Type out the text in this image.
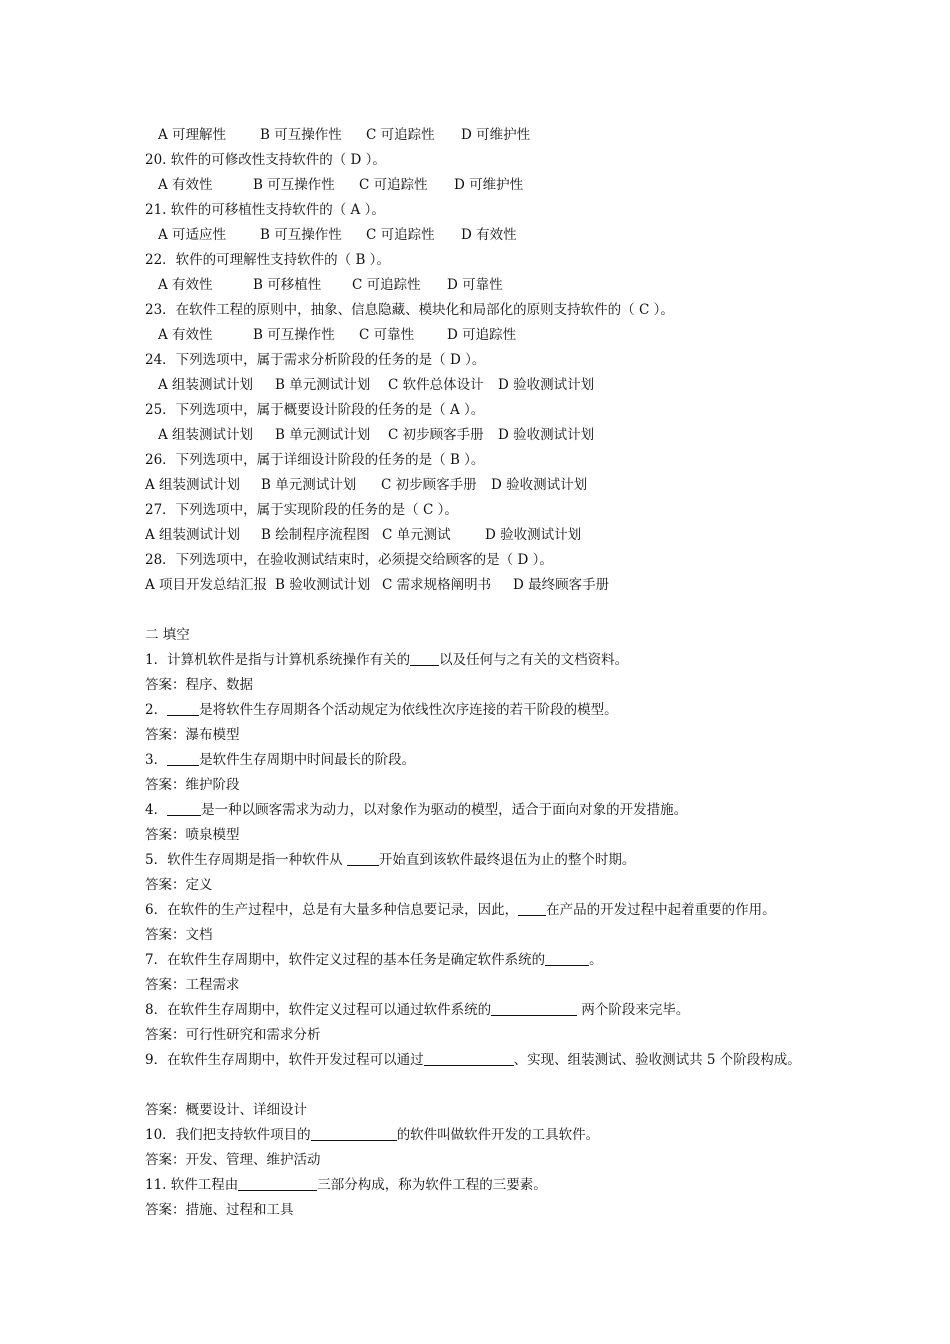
A 可理解性	B 可互操作性 C 可追踪性 D 可维护性
20. 软件的可修改性支持软件的（ D ）。
A 有效性	B 可互操作性 C 可追踪性 D 可维护性
21. 软件的可移植性支持软件的（ A ）。
A 可适应性	B 可互操作性 C 可追踪性 D 有效性
22．软件的可理解性支持软件的（ B ）。
A 有效性	B 可移植性 C 可追踪性 D 可靠性
23．在软件工程的原则中，抽象、信息隐藏、模块化和局部化的原则支持软件的（ C ）。
A 有效性	B 可互操作性 C 可靠性 D 可追踪性
24．下列选项中，属于需求分析阶段的任务的是（ D ）。
A 组装测试计划 B 单元测试计划 C 软件总体设计 D 验收测试计划
25．下列选项中，属于概要设计阶段的任务的是（ A ）。
A 组装测试计划 B 单元测试计划 C 初步顾客手册 D 验收测试计划
26．下列选项中，属于详细设计阶段的任务的是（ B ）。
A 组装测试计划 B 单元测试计划 C 初步顾客手册 D 验收测试计划
27．下列选项中，属于实现阶段的任务的是（ C ）。
A 组装测试计划 B 绘制程序流程图 C 单元测试	D 验收测试计划
28．下列选项中，在验收测试结束时，必须提交给顾客的是（ D ）。
A 项目开发总结汇报 B 验收测试计划 C 需求规格阐明书 D 最终顾客手册
二 填空
1．计算机软件是指与计算机系统操作有关的 以及任何与之有关的文档资料。
答案：程序、数据
2． 是将软件生存周期各个活动规定为依线性次序连接的若干阶段的模型。
答案：瀑布模型
3． 是软件生存周期中时间最长的阶段。
答案：维护阶段
4．	是一种以顾客需求为动力，以对象作为驱动的模型，适合于面向对象的开发措施。
答案：喷泉模型
5．软件生存周期是指一种软件从 开始直到该软件最终退伍为止的整个时期。
答案：定义
6．在软件的生产过程中，总是有大量多种信息要记录，因此， 在产品的开发过程中起着重要的作用。
答案：文档
7．在软件生存周期中，软件定义过程的基本任务是确定软件系统的	。
答案：工程需求
8．在软件生存周期中，软件定义过程可以通过软件系统的	两个阶段来完毕。
答案：可行性研究和需求分析
9．在软件生存周期中，软件开发过程可以通过	、实现、组装测试、验收测试共 5 个阶段构成。
答案：概要设计、详细设计
10．我们把支持软件项目的	的软件叫做软件开发的工具软件。
答案：开发、管理、维护活动
11. 软件工程由	三部分构成，称为软件工程的三要素。
答案：措施、过程和工具
